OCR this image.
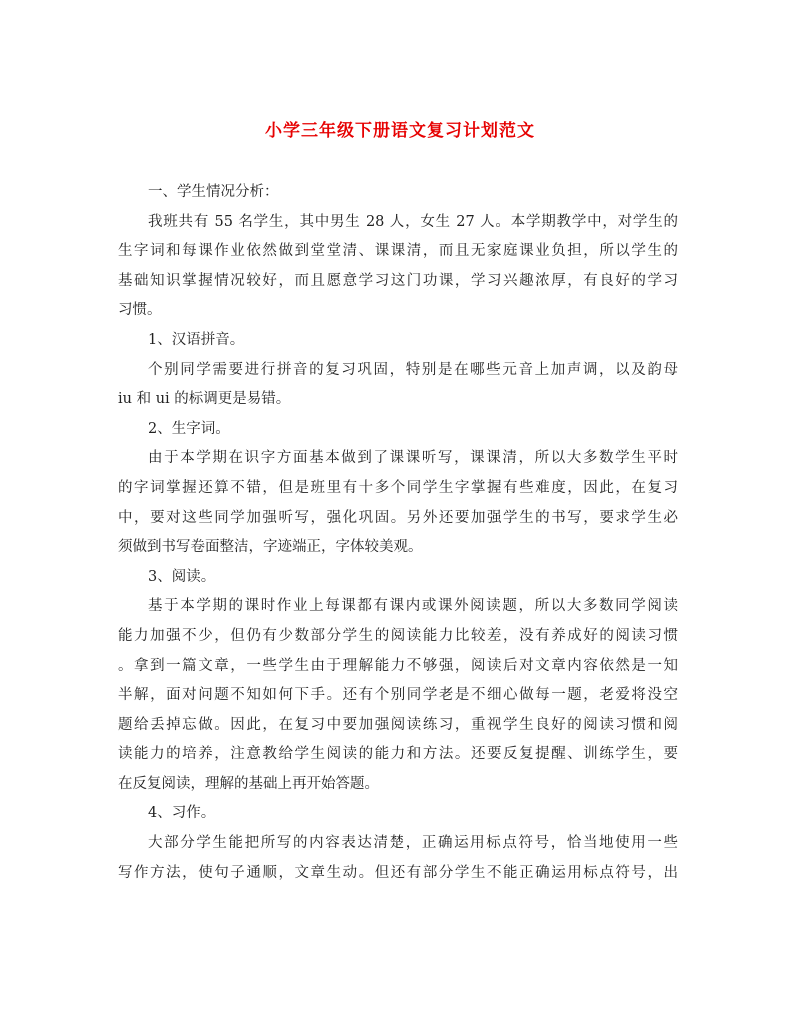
小学三年级下册语文复习计划范文
一、学生情况分析：
我班共有 55 名学生，其中男生 28 人，女生 27 人。本学期教学中，对学生的
生字词和每课作业依然做到堂堂清、课课清，而且无家庭课业负担，所以学生的
基础知识掌握情况较好，而且愿意学习这门功课，学习兴趣浓厚，有良好的学习
习惯。
1、汉语拼音。
个别同学需要进行拼音的复习巩固，特别是在哪些元音上加声调，以及韵母
iu 和 ui 的标调更是易错。
2、生字词。
由于本学期在识字方面基本做到了课课听写，课课清，所以大多数学生平时
的字词掌握还算不错，但是班里有十多个同学生字掌握有些难度，因此，在复习
中，要对这些同学加强听写，强化巩固。另外还要加强学生的书写，要求学生必
须做到书写卷面整洁，字迹端正，字体较美观。
3、阅读。
基于本学期的课时作业上每课都有课内或课外阅读题，所以大多数同学阅读
能力加强不少，但仍有少数部分学生的阅读能力比较差，没有养成好的阅读习惯
。拿到一篇文章，一些学生由于理解能力不够强，阅读后对文章内容依然是一知
半解，面对问题不知如何下手。还有个别同学老是不细心做每一题，老爱将没空
题给丢掉忘做。因此，在复习中要加强阅读练习，重视学生良好的阅读习惯和阅
读能力的培养，注意教给学生阅读的能力和方法。还要反复提醒、训练学生，要
在反复阅读，理解的基础上再开始答题。
4、习作。
大部分学生能把所写的内容表达清楚，正确运用标点符号，恰当地使用一些
写作方法，使句子通顺，文章生动。但还有部分学生不能正确运用标点符号，出
